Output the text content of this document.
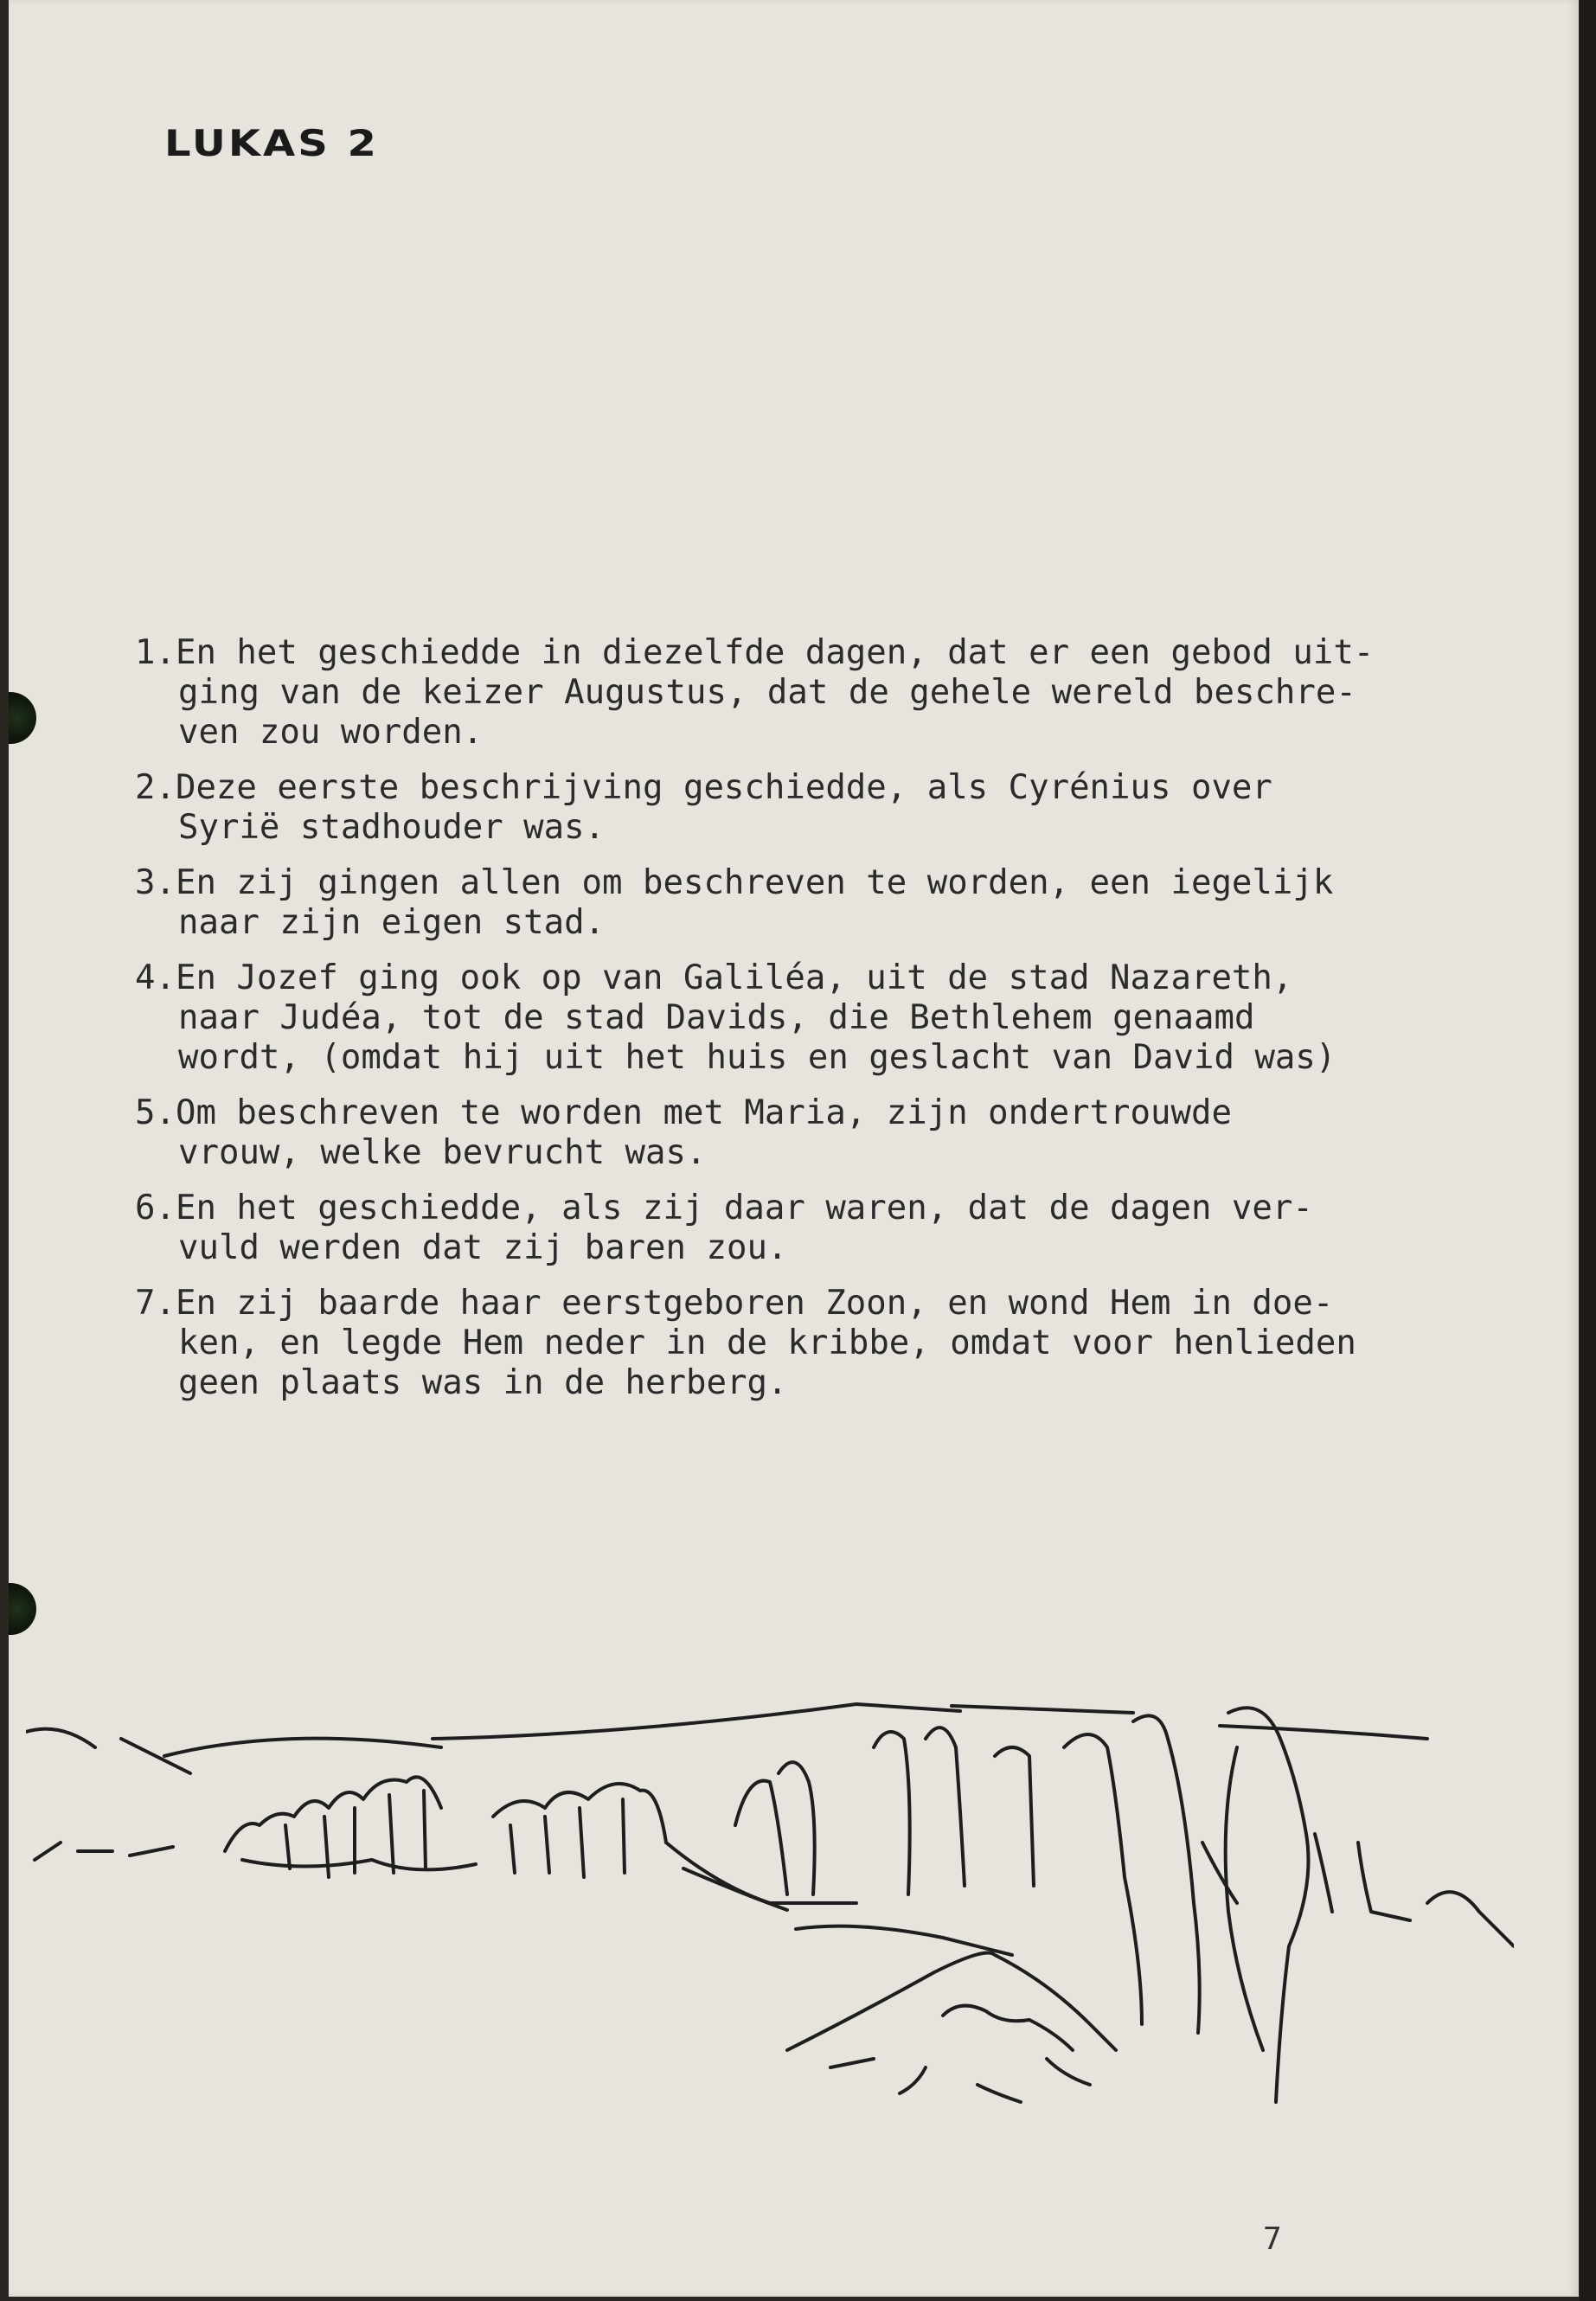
LUKAS 2
1.En het geschiedde in diezelfde dagen, dat er een gebod uit-
ging van de keizer Augustus, dat de gehele wereld beschre-
ven zou worden.
2.Deze eerste beschrijving geschiedde, als Cyrénius over
Syrië stadhouder was.
3.En zij gingen allen om beschreven te worden, een iegelijk
naar zijn eigen stad.
4.En Jozef ging ook op van Galiléa, uit de stad Nazareth,
naar Judéa, tot de stad Davids, die Bethlehem genaamd
wordt, (omdat hij uit het huis en geslacht van David was)
5.Om beschreven te worden met Maria, zijn ondertrouwde
vrouw, welke bevrucht was.
6.En het geschiedde, als zij daar waren, dat de dagen ver-
vuld werden dat zij baren zou.
7.En zij baarde haar eerstgeboren Zoon, en wond Hem in doe-
ken, en legde Hem neder in de kribbe, omdat voor henlieden
geen plaats was in de herberg.
7
